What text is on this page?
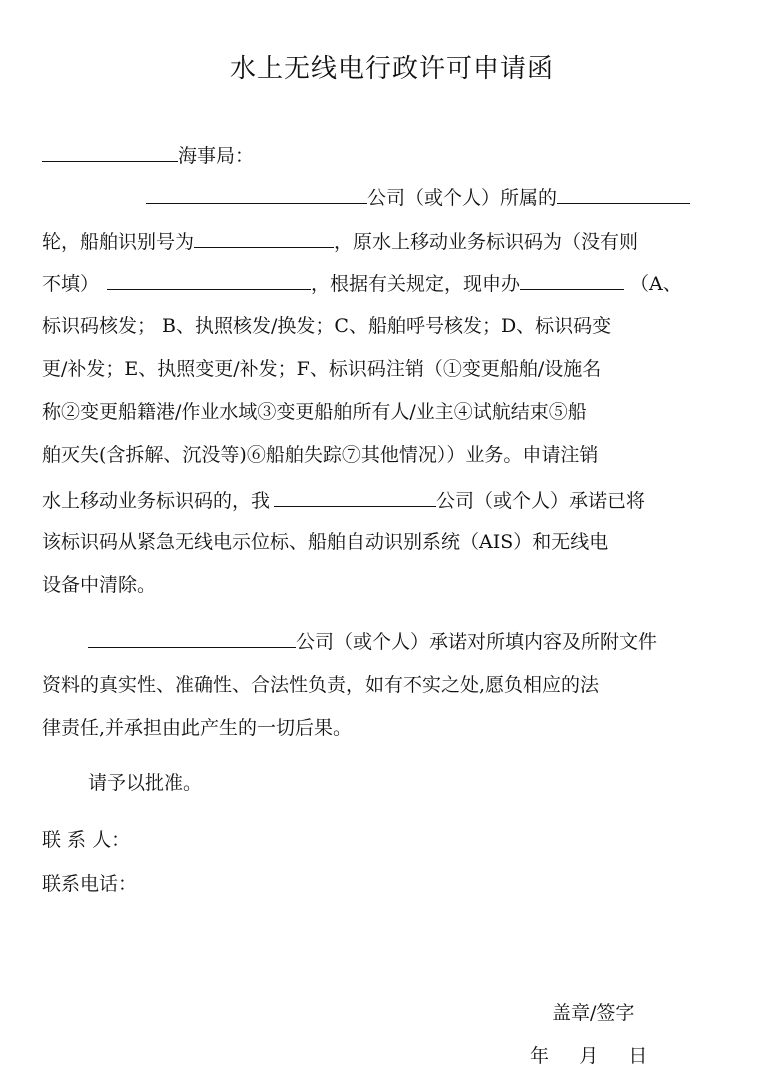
水上无线电行政许可申请函
海事局：
公司（或个人）所属的
轮，船舶识别号为	，原水上移动业务标识码为（没有则
不填）	，根据有关规定，现申办	（A、
标识码核发； B、执照核发/换发；C、船舶呼号核发；D、标识码变
更/补发；E、执照变更/补发；F、标识码注销（①变更船舶/设施名
称②变更船籍港/作业水域③变更船舶所有人/业主④试航结束⑤船
舶灭失(含拆解、沉没等)⑥船舶失踪⑦其他情况））业务。申请注销
水上移动业务标识码的，我	公司（或个人）承诺已将
该标识码从紧急无线电示位标、船舶自动识别系统（AIS）和无线电
设备中清除。
公司（或个人）承诺对所填内容及所附文件
资料的真实性、准确性、合法性负责，如有不实之处,愿负相应的法
律责任,并承担由此产生的一切后果。
请予以批准。
联 系 人：
联系电话：
盖章/签字
年     月     日
